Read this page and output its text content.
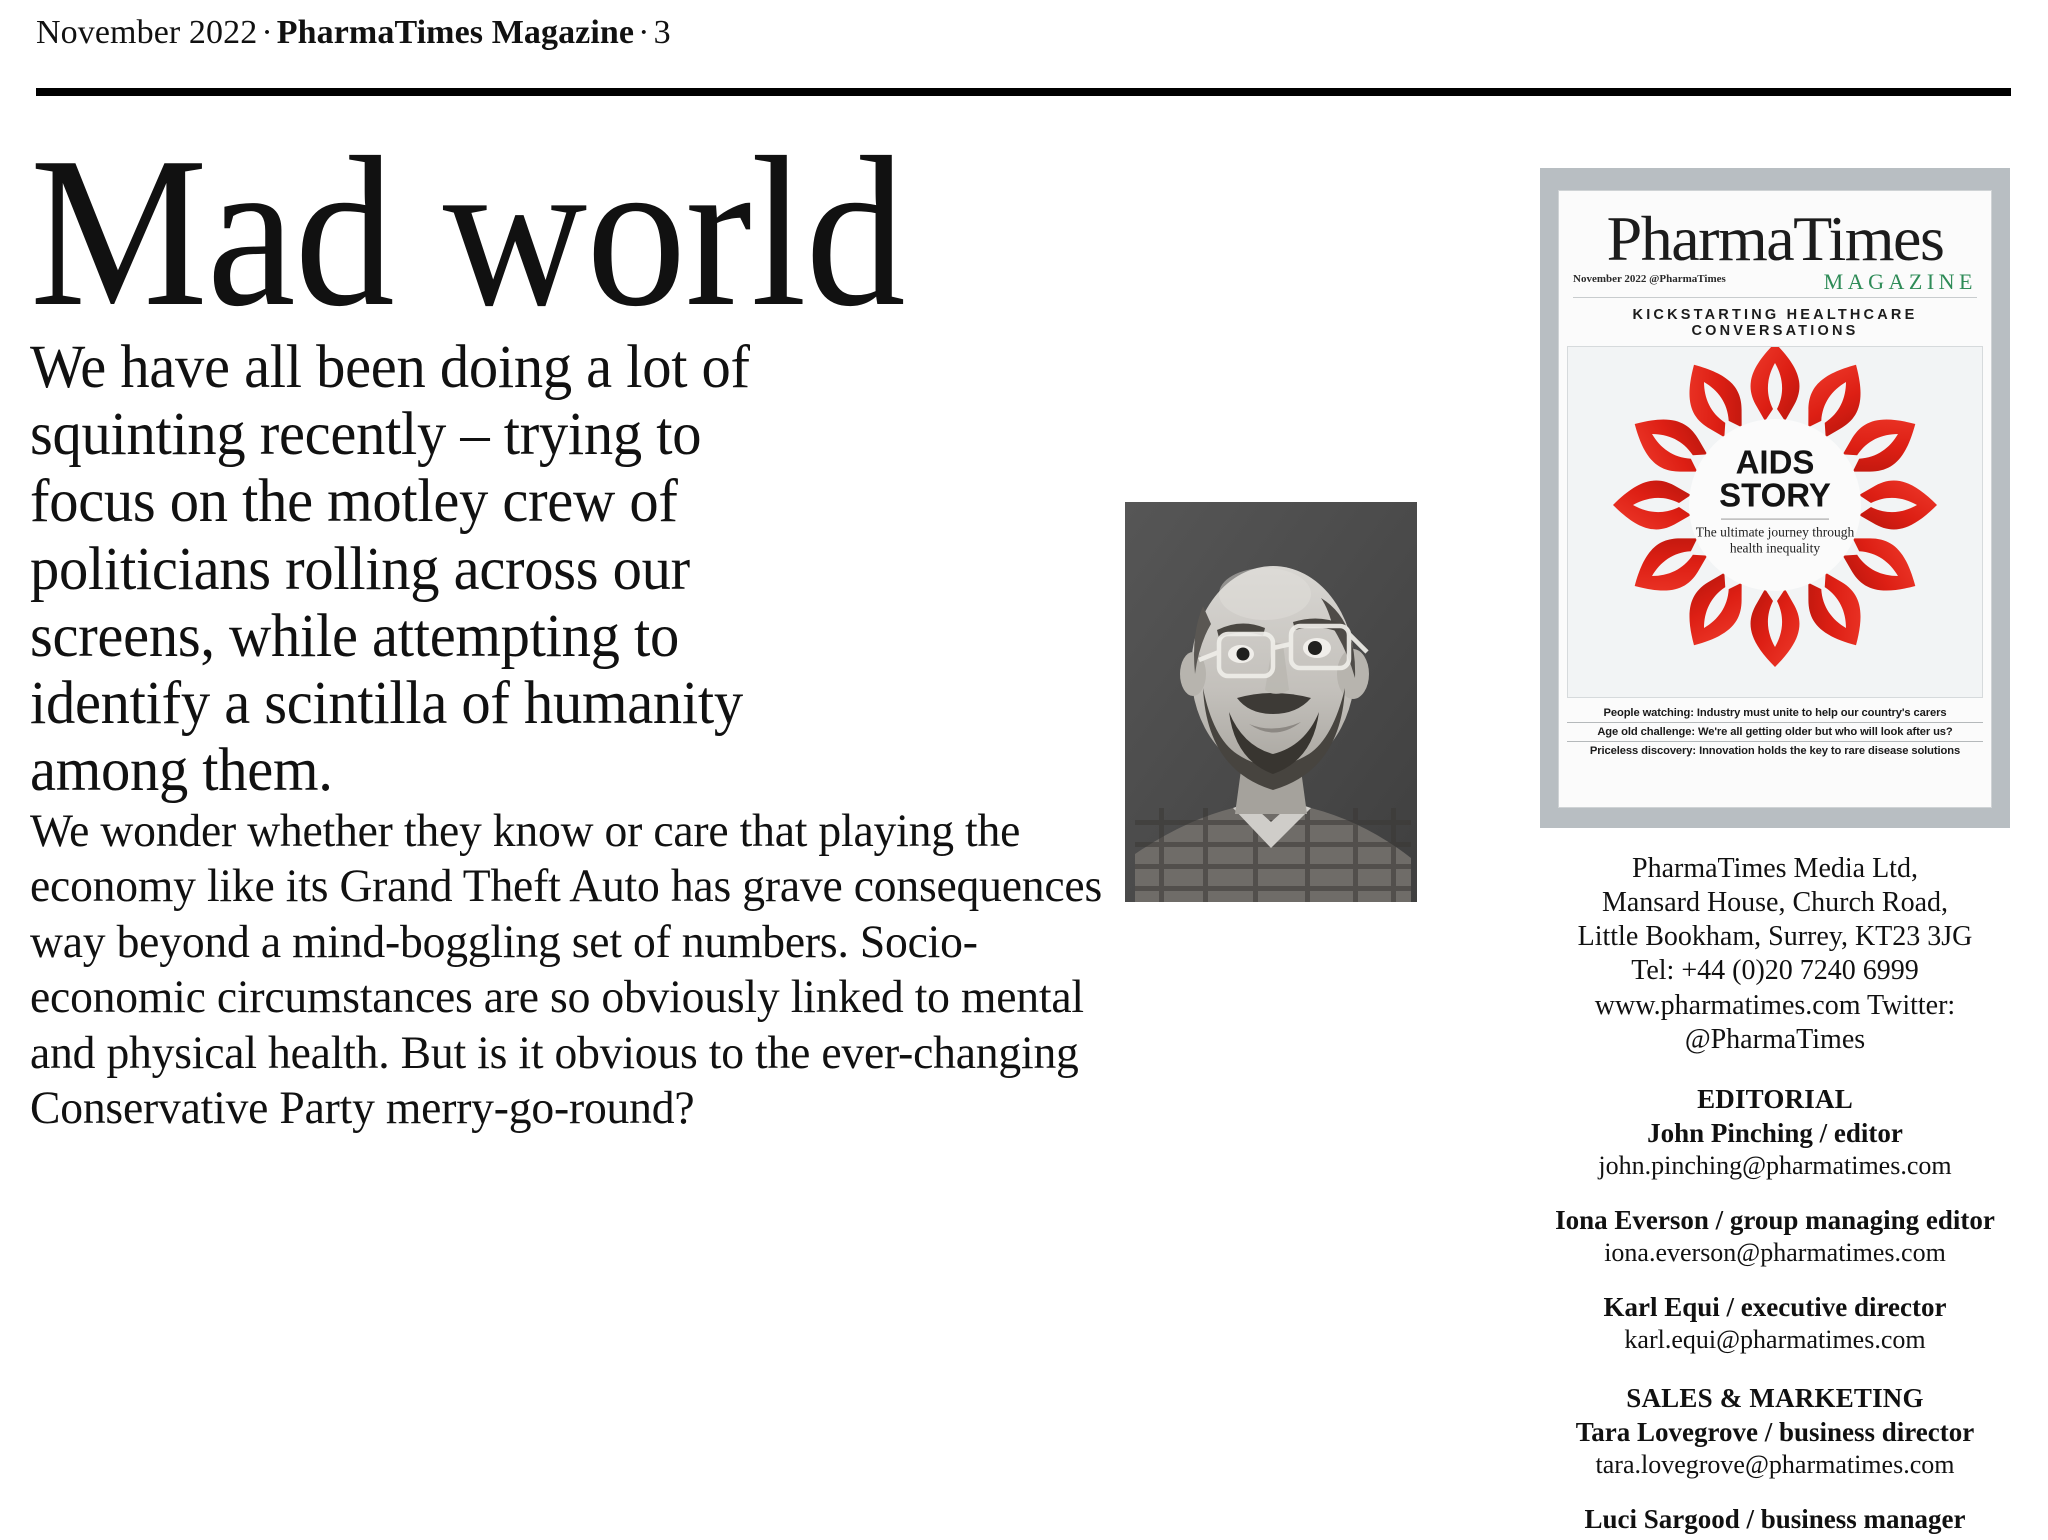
November 2022 · PharmaTimes Magazine · 3
Mad world

We have all been doing a lot of squinting recently – trying to focus on the motley crew of politicians rolling across our screens, while attempting to identify a scintilla of humanity among them.

We wonder whether they know or care that playing the economy like its Grand Theft Auto has grave consequences way beyond a mind-boggling set of numbers. Socio-economic circumstances are so obviously linked to mental and physical health. But is it obvious to the ever-changing Conservative Party merry-go-round?

PharmaTimes
November 2022 @PharmaTimes	MAGAZINE
KICKSTARTING HEALTHCARE CONVERSATIONS
AIDS
STORY
The ultimate journey through health inequality
People watching: Industry must unite to help our country's carers
Age old challenge: We're all getting older but who will look after us?
Priceless discovery: Innovation holds the key to rare disease solutions
PharmaTimes Media Ltd,
Mansard House, Church Road,
Little Bookham, Surrey, KT23 3JG
Tel: +44 (0)20 7240 6999
www.pharmatimes.com Twitter:
@PharmaTimes
EDITORIAL
John Pinching / editor
john.pinching@pharmatimes.com
Iona Everson / group managing editor
iona.everson@pharmatimes.com
Karl Equi / executive director
karl.equi@pharmatimes.com
SALES & MARKETING
Tara Lovegrove / business director
tara.lovegrove@pharmatimes.com
Luci Sargood / business manager
